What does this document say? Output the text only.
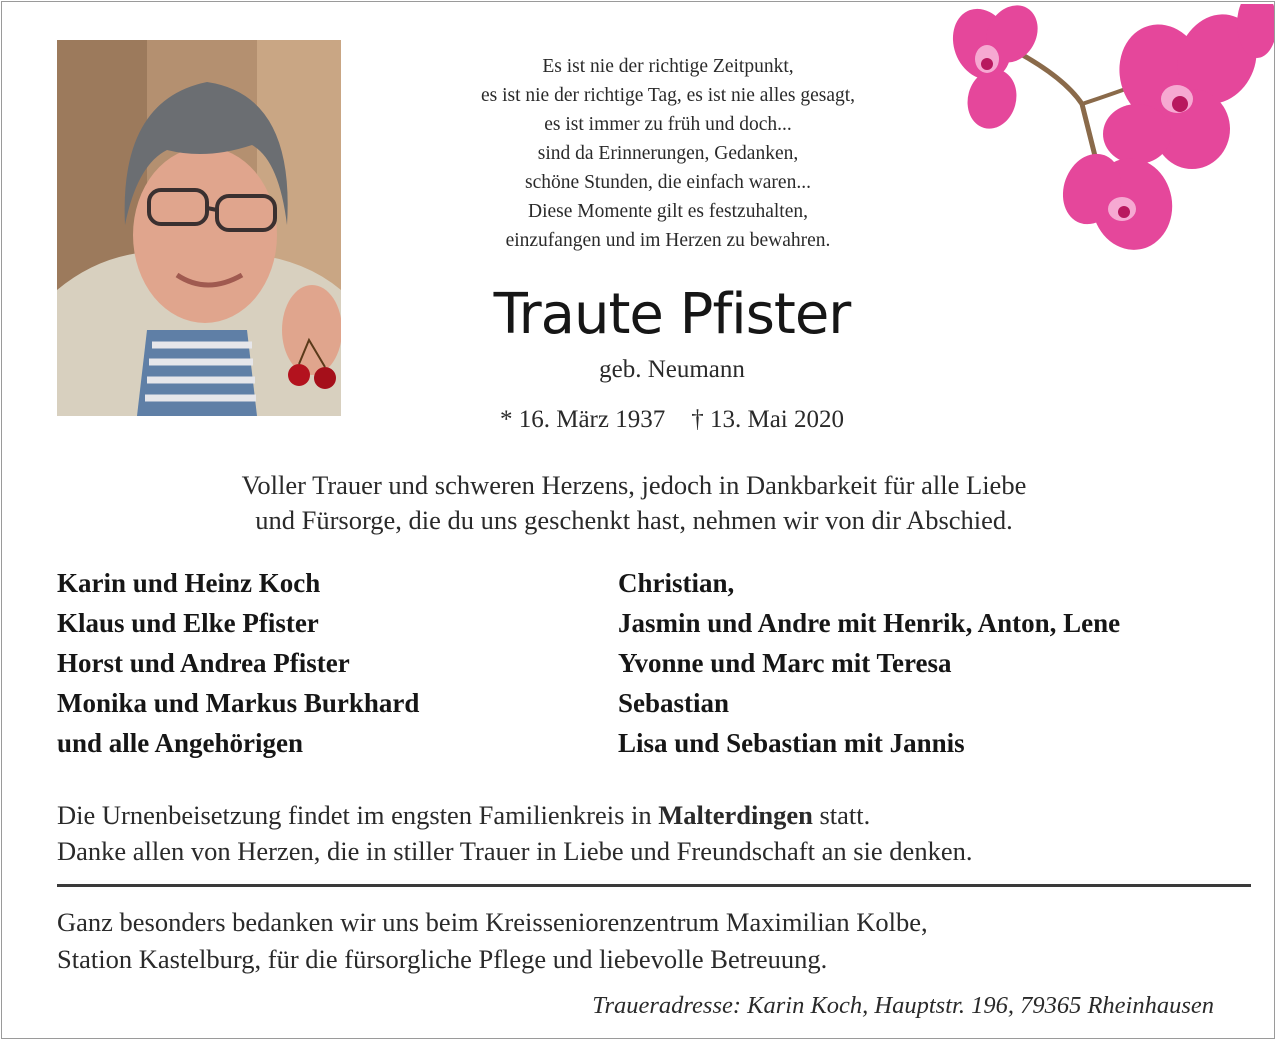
Es ist nie der richtige Zeitpunkt,
es ist nie der richtige Tag, es ist nie alles gesagt,
es ist immer zu früh und doch...
sind da Erinnerungen, Gedanken,
schöne Stunden, die einfach waren...
Diese Momente gilt es festzuhalten,
einzufangen und im Herzen zu bewahren.
Traute Pfister
geb. Neumann
* 16. März 1937 † 13. Mai 2020
Voller Trauer und schweren Herzens, jedoch in Dankbarkeit für alle Liebe
und Fürsorge, die du uns geschenkt hast, nehmen wir von dir Abschied.
Karin und Heinz Koch
Klaus und Elke Pfister
Horst und Andrea Pfister
Monika und Markus Burkhard
und alle Angehörigen
Christian,
Jasmin und Andre mit Henrik, Anton, Lene
Yvonne und Marc mit Teresa
Sebastian
Lisa und Sebastian mit Jannis
Die Urnenbeisetzung findet im engsten Familienkreis in Malterdingen statt.
Danke allen von Herzen, die in stiller Trauer in Liebe und Freundschaft an sie denken.
Ganz besonders bedanken wir uns beim Kreisseniorenzentrum Maximilian Kolbe,
Station Kastelburg, für die fürsorgliche Pflege und liebevolle Betreuung.
Traueradresse: Karin Koch, Hauptstr. 196, 79365 Rheinhausen
